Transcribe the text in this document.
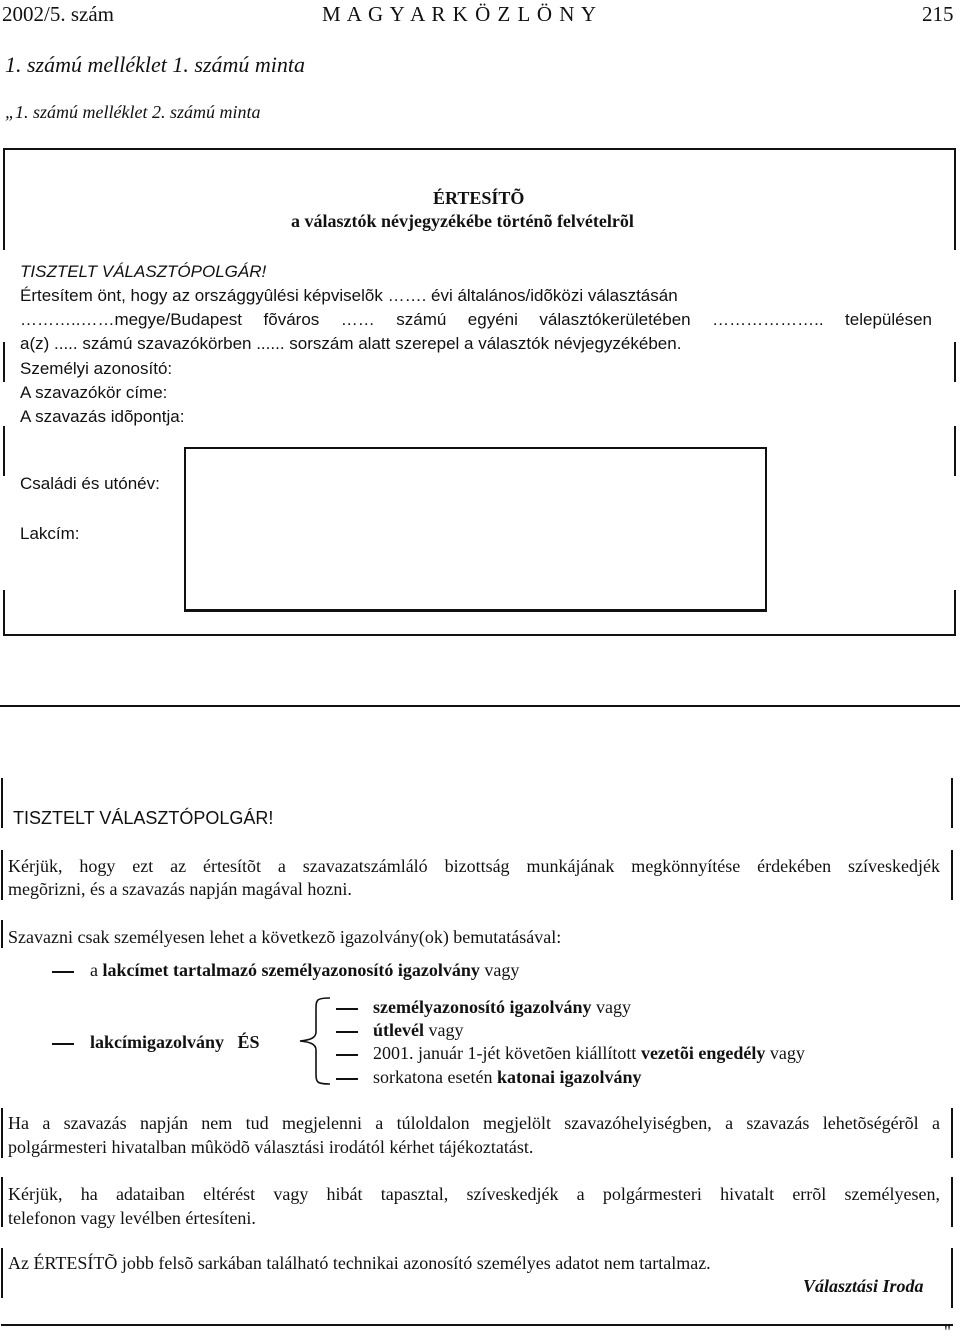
2002/5. szám	M A G Y A R K Ö Z L Ö N Y	215
1. számú melléklet 1. számú minta
„1. számú melléklet 2. számú minta
ÉRTESÍTÕ
a választók névjegyzékébe történõ felvételrõl
TISZTELT VÁLASZTÓPOLGÁR!
Értesítem önt, hogy az országgyûlési képviselõk ……. évi általános/idõközi választásán
………..……megye/Budapest fõváros …… számú egyéni választókerületében ……………….. településen
a(z) ..... számú szavazókörben ...... sorszám alatt szerepel a választók névjegyzékében.
Személyi azonosító:
A szavazókör címe:
A szavazás idõpontja:
Családi és utónév:
Lakcím:
TISZTELT VÁLASZTÓPOLGÁR!
Kérjük, hogy ezt az értesítõt a szavazatszámláló bizottság munkájának megkönnyítése érdekében szíveskedjék
megõrizni, és a szavazás napján magával hozni.
Szavazni csak személyesen lehet a következõ igazolvány(ok) bemutatásával:
a lakcímet tartalmazó személyazonosító igazolvány vagy
lakcímigazolvány   ÉS
személyazonosító igazolvány vagy
útlevél vagy
2001. január 1-jét követõen kiállított vezetõi engedély vagy
sorkatona esetén katonai igazolvány
Ha a szavazás napján nem tud megjelenni a túloldalon megjelölt szavazóhelyiségben, a szavazás lehetõségérõl a
polgármesteri hivatalban mûködõ választási irodától kérhet tájékoztatást.
Kérjük, ha adataiban eltérést vagy hibát tapasztal, szíveskedjék a polgármesteri hivatalt errõl személyesen,
telefonon vagy levélben értesíteni.
Az ÉRTESÍTÕ jobb felsõ sarkában található technikai azonosító személyes adatot nem tartalmaz.
Választási Iroda
"
